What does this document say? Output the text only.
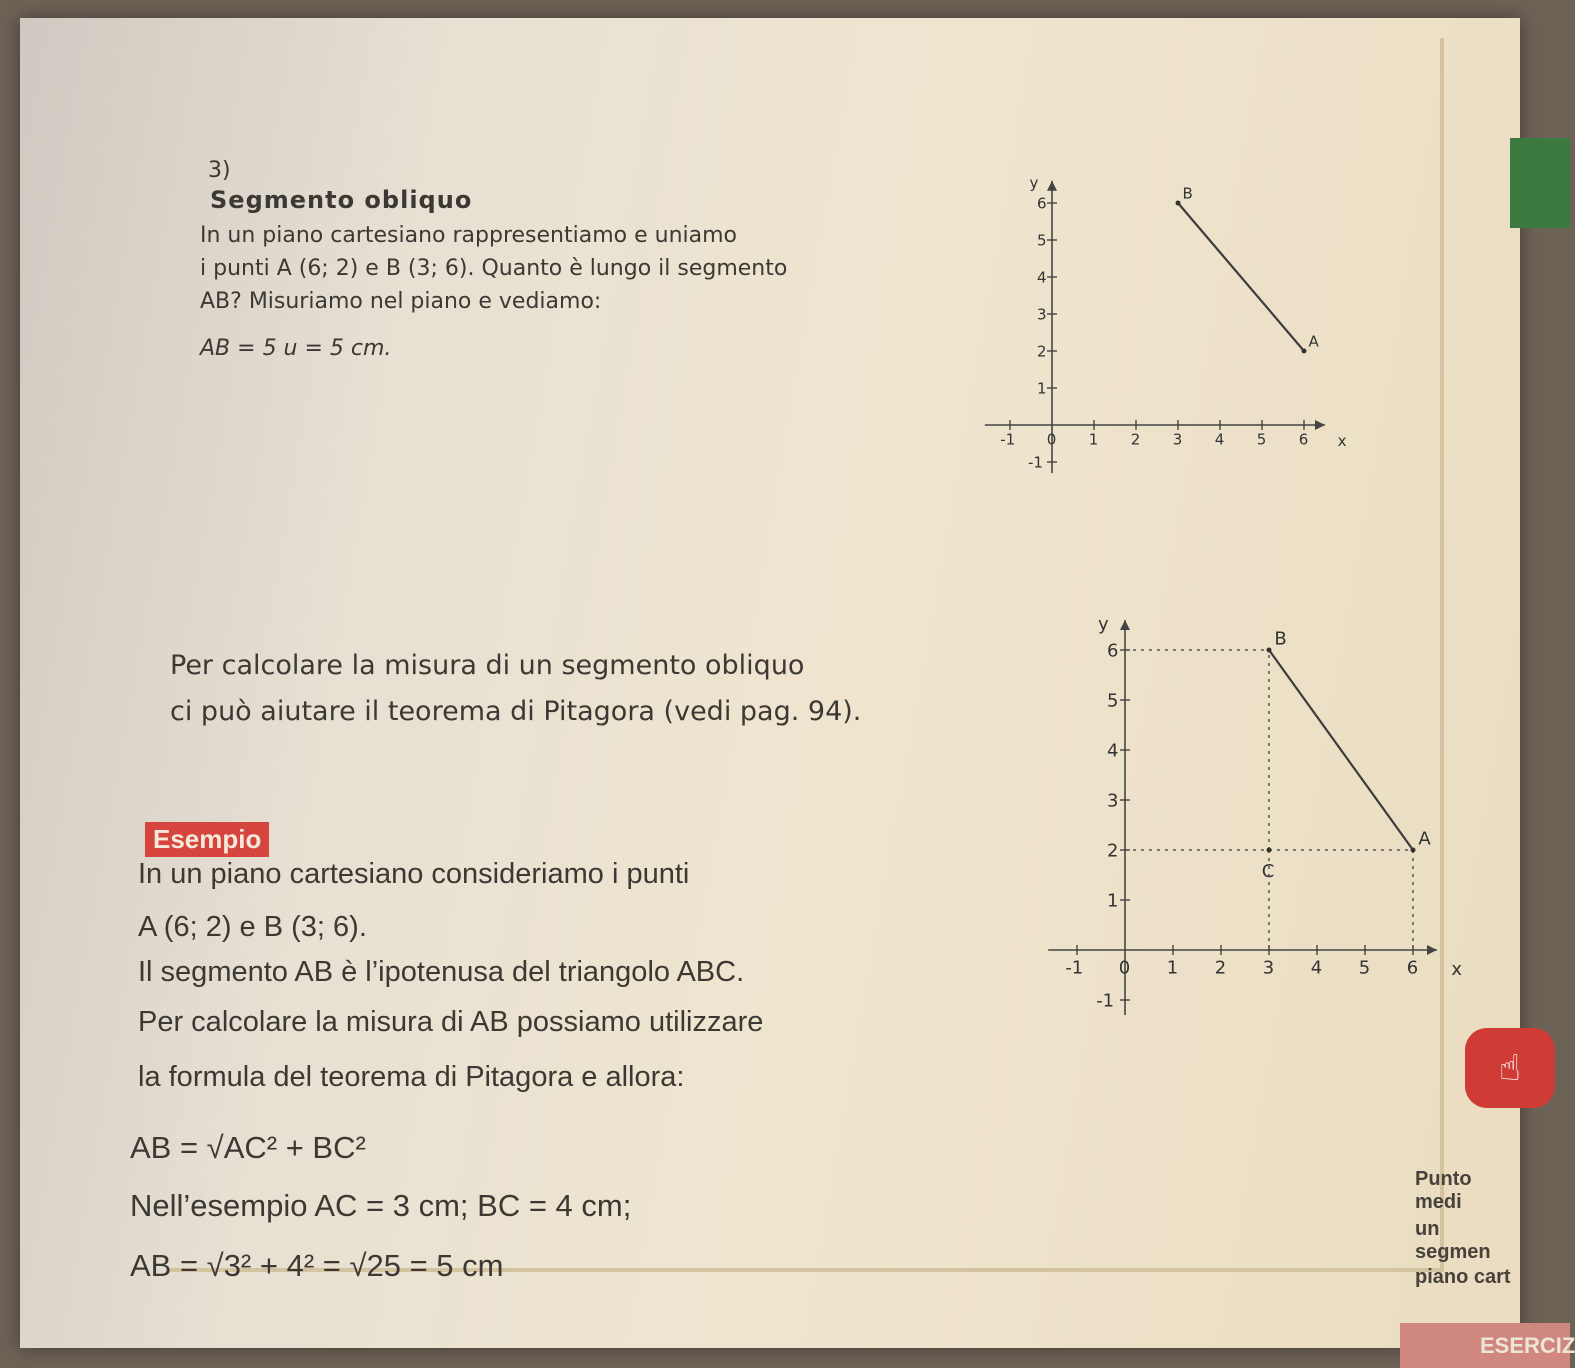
3)
Segmento obliquo
In un piano cartesiano rappresentiamo e uniamo
i punti A (6; 2) e B (3; 6). Quanto è lungo il segmento
AB? Misuriamo nel piano e vediamo:
AB = 5 u = 5 cm.
Per calcolare la misura di un segmento obliquo
ci può aiutare il teorema di Pitagora (vedi pag. 94).
Esempio
In un piano cartesiano consideriamo i punti
A (6; 2) e B (3; 6).
Il segmento AB è l’ipotenusa del triangolo ABC.
Per calcolare la misura di AB possiamo utilizzare
la formula del teorema di Pitagora e allora:
AB = √AC² + BC²
Nell’esempio AC = 3 cm; BC = 4 cm;
AB = √3² + 4² = √25 = 5 cm
☝
Punto medi
un segmen
piano cart
ESERCIZ
x
y
-1 0 1 2 3 4 5 6
-1
1
2
3
4
5
6
A
B
x
y
-1 0 1 2 3 4 5 6
-1
1
2
3
4
5
6
A
B
C
